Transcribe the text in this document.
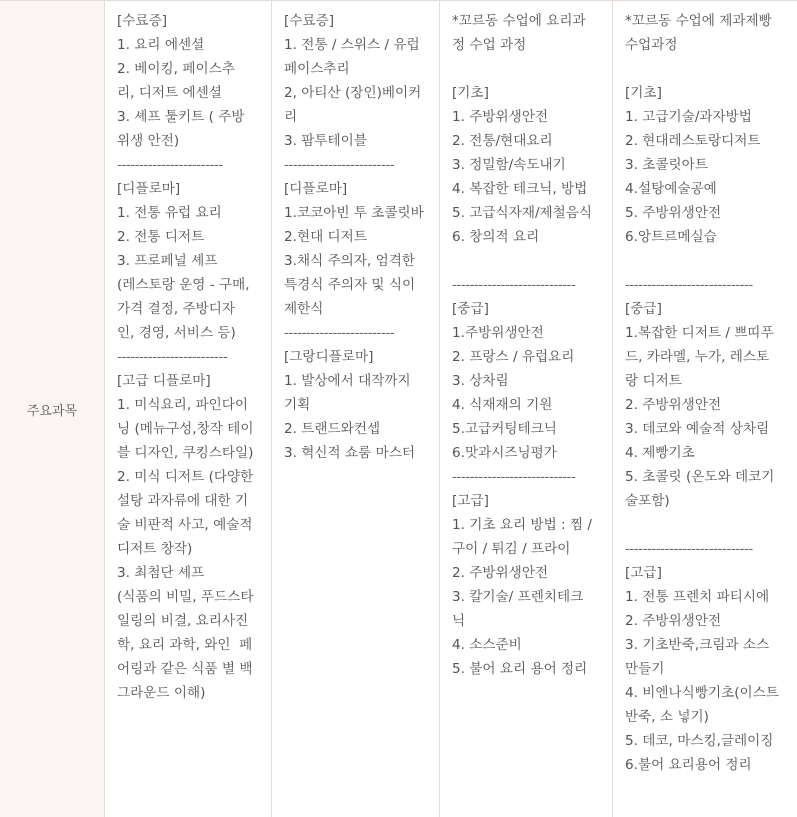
주요과목
[수료증]
1. 요리 에센셜
2. 베이킹, 페이스추
리, 디저트 에센셜
3. 셰프 툴키트 ( 주방
위생 안전)
------------------------
[디플로마]
1. 전통 유럽 요리
2. 전통 디저트
3. 프로페널 셰프
(레스토랑 운영 - 구매,
가격 결정, 주방디자
인, 경영, 서비스 등)
-------------------------
[고급 디플로마]
1. 미식요리, 파인다이
닝 (메뉴구성,창작 테이
블 디자인, 쿠킹스타일)
2. 미식 디저트 (다양한
설탕 과자류에 대한 기
술 비판적 사고, 예술적
디저트 창작)
3. 최첨단 셰프
(식품의 비밀, 푸드스타
일링의 비결, 요리사진
학, 요리 과학, 와인  페
어링과 같은 식품 별 백
그라운드 이해)
[수료증]
1. 전통 / 스위스 / 유럽
페이스추리
2, 아티산 (장인)베이커
리
3. 팜투테이블
-------------------------
[디플로마]
1.코코아빈 투 초콜릿바
2.현대 디저트
3.채식 주의자, 엄격한
특경식 주의자 및 식이
제한식
-------------------------
[그랑디플로마]
1. 발상에서 대작까지
기획
2. 트랜드와컨셉
3. 혁신적 쇼룸 마스터
*꼬르동 수업에 요리과
정 수업 과정
[기초]
1. 주방위생안전
2. 전통/현대요리
3. 정밀함/속도내기
4. 복잡한 테크닉, 방법
5. 고급식자재/제철음식
6. 창의적 요리
----------------------------
[중급]
1.주방위생안전
2. 프랑스 / 유럽요리
3. 상차림
4. 식재재의 기원
5.고급커팅테크닉
6.맛과시즈닝평가
----------------------------
[고급]
1. 기초 요리 방법 : 찜 /
구이 / 튀김 / 프라이
2. 주방위생안전
3. 칼기술/ 프렌치테크
닉
4. 소스준비
5. 불어 요리 용어 정리
*꼬르동 수업에 제과제빵
수업과정
[기초]
1. 고급기술/과자방법
2. 현대레스토랑디저트
3. 초콜릿아트
4.설탕예술공예
5. 주방위생안전
6.앙트르메실습
-----------------------------
[중급]
1.복잡한 디저트 / 쁘띠푸
드, 카라멜, 누가, 레스토
랑 디저트
2. 주방위생안전
3. 데코와 예술적 상차림
4. 제빵기초
5. 초콜릿 (온도와 데코기
술포함)
-----------------------------
[고급]
1. 전통 프렌치 파티시에
2. 주방위생안전
3. 기초반죽,크림과 소스
만들기
4. 비엔나식빵기초(이스트
반죽, 소 넣기)
5. 데코, 마스킹,글레이징
6.불어 요리용어 정리
